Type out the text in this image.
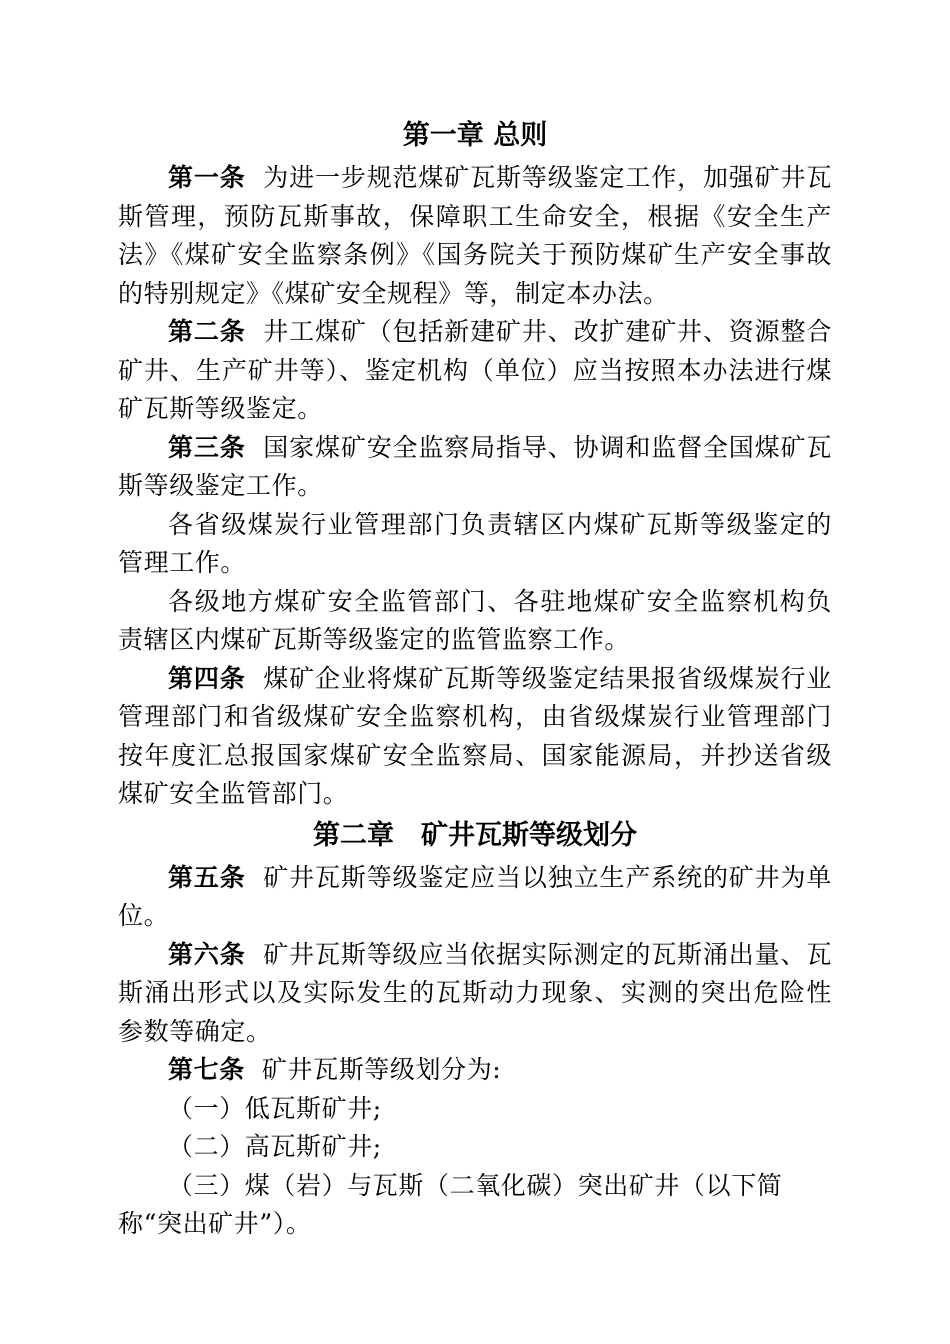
第一章 总则

第一条 为进一步规范煤矿瓦斯等级鉴定工作，加强矿井瓦斯管理，预防瓦斯事故，保障职工生命安全，根据《安全生产法》《煤矿安全监察条例》《国务院关于预防煤矿生产安全事故的特别规定》《煤矿安全规程》等，制定本办法。

第二条 井工煤矿（包括新建矿井、改扩建矿井、资源整合矿井、生产矿井等）、鉴定机构（单位）应当按照本办法进行煤矿瓦斯等级鉴定。

第三条 国家煤矿安全监察局指导、协调和监督全国煤矿瓦斯等级鉴定工作。

各省级煤炭行业管理部门负责辖区内煤矿瓦斯等级鉴定的管理工作。

各级地方煤矿安全监管部门、各驻地煤矿安全监察机构负责辖区内煤矿瓦斯等级鉴定的监管监察工作。

第四条 煤矿企业将煤矿瓦斯等级鉴定结果报省级煤炭行业管理部门和省级煤矿安全监察机构，由省级煤炭行业管理部门按年度汇总报国家煤矿安全监察局、国家能源局，并抄送省级煤矿安全监管部门。

第二章　矿井瓦斯等级划分

第五条 矿井瓦斯等级鉴定应当以独立生产系统的矿井为单位。

第六条 矿井瓦斯等级应当依据实际测定的瓦斯涌出量、瓦斯涌出形式以及实际发生的瓦斯动力现象、实测的突出危险性参数等确定。

第七条 矿井瓦斯等级划分为:

（一）低瓦斯矿井;

（二）高瓦斯矿井;

（三）煤（岩）与瓦斯（二氧化碳）突出矿井（以下简称“突出矿井”）。
